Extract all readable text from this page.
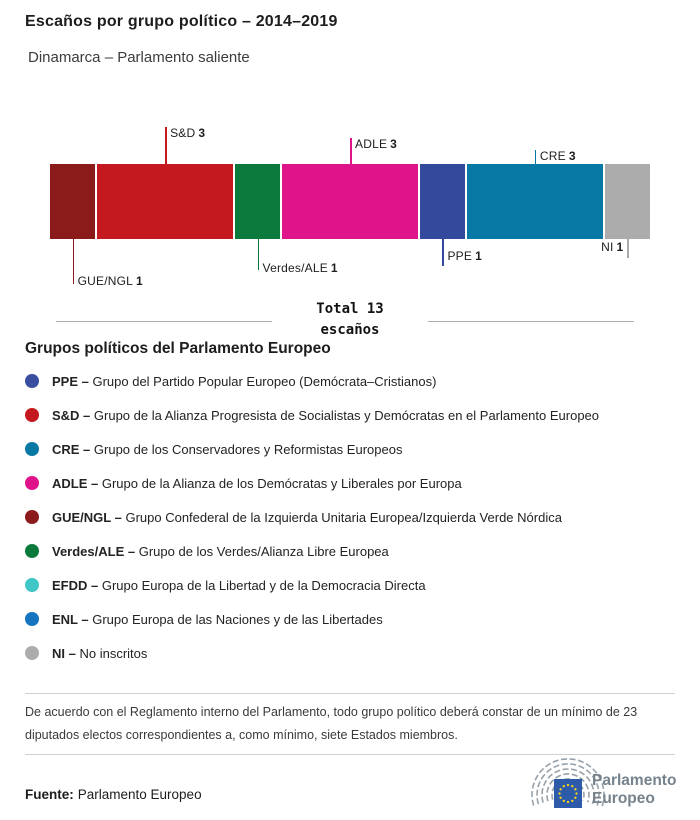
Escaños por grupo político – 2014–2019
Dinamarca – Parlamento saliente
GUE/NGL 1
S&D 3
Verdes/ALE 1
ADLE 3
PPE 1
CRE 3
NI 1
Total 13
escaños
Grupos políticos del Parlamento Europeo
PPE – Grupo del Partido Popular Europeo (Demócrata–Cristianos)
S&D – Grupo de la Alianza Progresista de Socialistas y Demócratas en el Parlamento Europeo
CRE – Grupo de los Conservadores y Reformistas Europeos
ADLE – Grupo de la Alianza de los Demócratas y Liberales por Europa
GUE/NGL – Grupo Confederal de la Izquierda Unitaria Europea/Izquierda Verde Nórdica
Verdes/ALE – Grupo de los Verdes/Alianza Libre Europea
EFDD – Grupo Europa de la Libertad y de la Democracia Directa
ENL – Grupo Europa de las Naciones y de las Libertades
NI – No inscritos
De acuerdo con el Reglamento interno del Parlamento, todo grupo político deberá constar de un mínimo de 23 diputados electos correspondientes a, como mínimo, siete Estados miembros.
Fuente: Parlamento Europeo
Parlamento
Europeo
